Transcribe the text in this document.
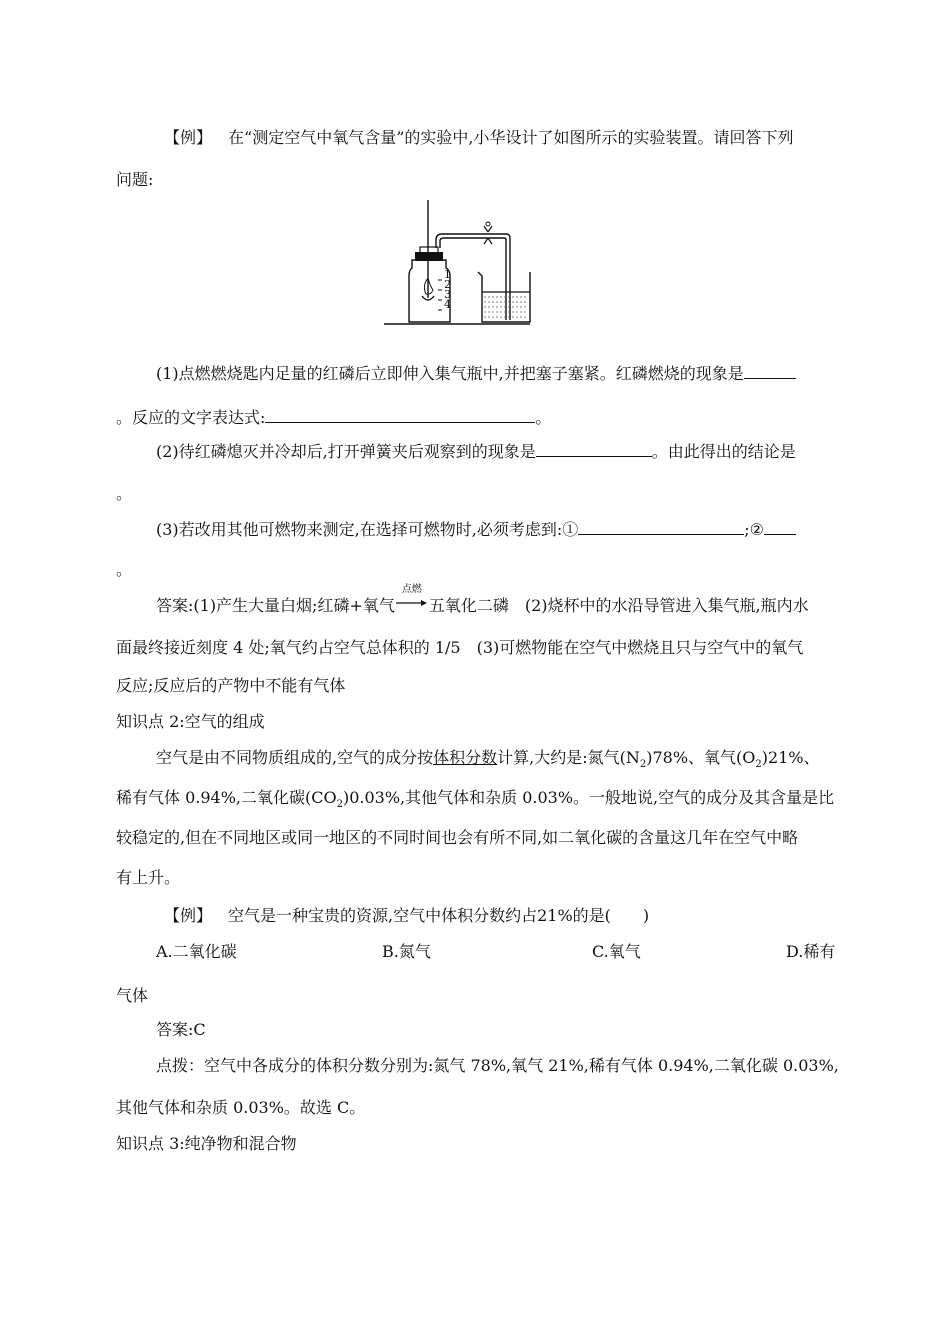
【例】 在“测定空气中氧气含量”的实验中,小华设计了如图所示的实验装置。请回答下列
问题:
1
2
3
4
(1)点燃燃烧匙内足量的红磷后立即伸入集气瓶中,并把塞子塞紧。红磷燃烧的现象是
。反应的文字表达式:	。
(2)待红磷熄灭并冷却后,打开弹簧夹后观察到的现象是	。由此得出的结论是
。
(3)若改用其他可燃物来测定,在选择可燃物时,必须考虑到:①	;②
。
答案:(1)产生大量白烟;红磷+氧气
点燃
五氧化二磷　(2)烧杯中的水沿导管进入集气瓶,瓶内水
面最终接近刻度 4 处;氧气约占空气总体积的 1/5　(3)可燃物能在空气中燃烧且只与空气中的氧气
反应;反应后的产物中不能有气体
知识点 2:空气的组成
空气是由不同物质组成的,空气的成分按体积分数计算,大约是:氮气$(N_2)78\%$、氧气$(O_2)21\%$、
稀有气体 0.94%,二氧化碳$(CO_2)0.03\%$,其他气体和杂质 0.03%。一般地说,空气的成分及其含量是比
较稳定的,但在不同地区或同一地区的不同时间也会有所不同,如二氧化碳的含量这几年在空气中略
有上升。
【例】 空气是一种宝贵的资源,空气中体积分数约占21%的是(　　)
A.二氧化碳	B.氮气	C.氧气	D.稀有
气体
答案:C
点拨：空气中各成分的体积分数分别为:氮气 78%,氧气 21%,稀有气体 0.94%,二氧化碳 0.03%,
其他气体和杂质 0.03%。故选 C。
知识点 3:纯净物和混合物
